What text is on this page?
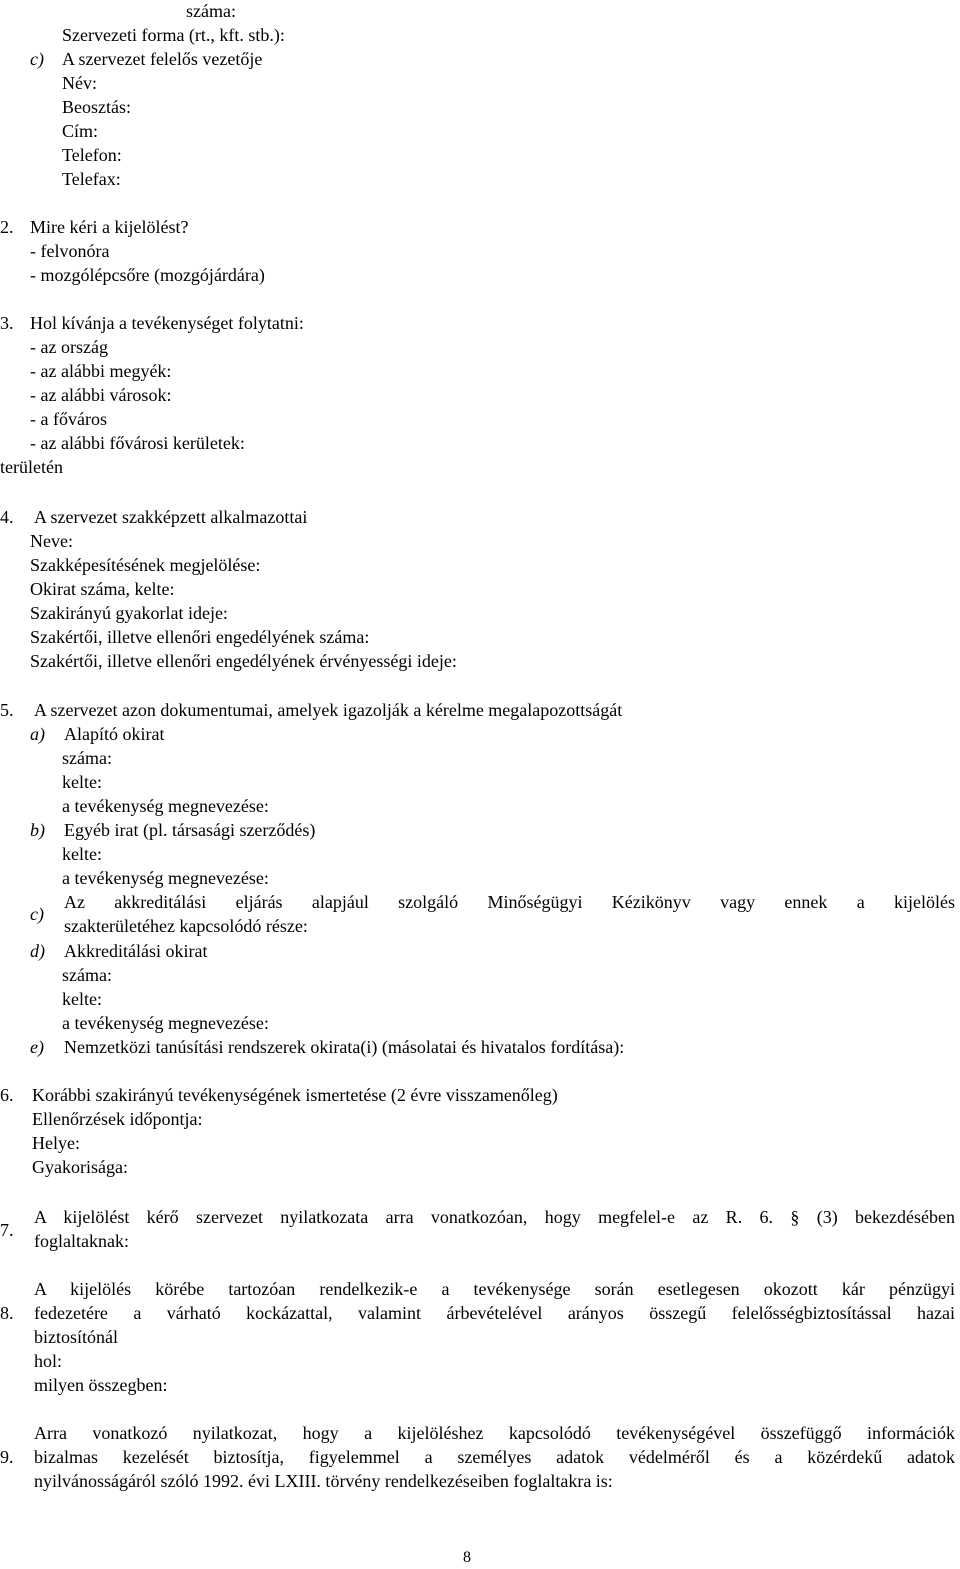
száma:
Szervezeti forma (rt., kft. stb.):
c) A szervezet felelős vezetője
Név:
Beosztás:
Cím:
Telefon:
Telefax:
2. Mire kéri a kijelölést?
- felvonóra
- mozgólépcsőre (mozgójárdára)
3. Hol kívánja a tevékenységet folytatni:
- az ország
- az alábbi megyék:
- az alábbi városok:
- a főváros
- az alábbi fővárosi kerületek:
területén
4. A szervezet szakképzett alkalmazottai
Neve:
Szakképesítésének megjelölése:
Okirat száma, kelte:
Szakirányú gyakorlat ideje:
Szakértői, illetve ellenőri engedélyének száma:
Szakértői, illetve ellenőri engedélyének érvényességi ideje:
5. A szervezet azon dokumentumai, amelyek igazolják a kérelme megalapozottságát
a) Alapító okirat
száma:
kelte:
a tevékenység megnevezése:
b) Egyéb irat (pl. társasági szerződés)
kelte:
a tevékenység megnevezése:
c)
Az akkreditálási eljárás alapjául szolgáló Minőségügyi Kézikönyv vagy ennek a kijelölés
szakterületéhez kapcsolódó része:
d) Akkreditálási okirat
száma:
kelte:
a tevékenység megnevezése:
e) Nemzetközi tanúsítási rendszerek okirata(i) (másolatai és hivatalos fordítása):
6. Korábbi szakirányú tevékenységének ismertetése (2 évre visszamenőleg)
Ellenőrzések időpontja:
Helye:
Gyakorisága:
7.
A kijelölést kérő szervezet nyilatkozata arra vonatkozóan, hogy megfelel-e az R. 6. § (3) bekezdésében
foglaltaknak:
8.
A kijelölés körébe tartozóan rendelkezik-e a tevékenysége során esetlegesen okozott kár pénzügyi
fedezetére a várható kockázattal, valamint árbevételével arányos összegű felelősségbiztosítással hazai
biztosítónál
hol:
milyen összegben:
9.
Arra vonatkozó nyilatkozat, hogy a kijelöléshez kapcsolódó tevékenységével összefüggő információk
bizalmas kezelését biztosítja, figyelemmel a személyes adatok védelméről és a közérdekű adatok
nyilvánosságáról szóló 1992. évi LXIII. törvény rendelkezéseiben foglaltakra is:
8
